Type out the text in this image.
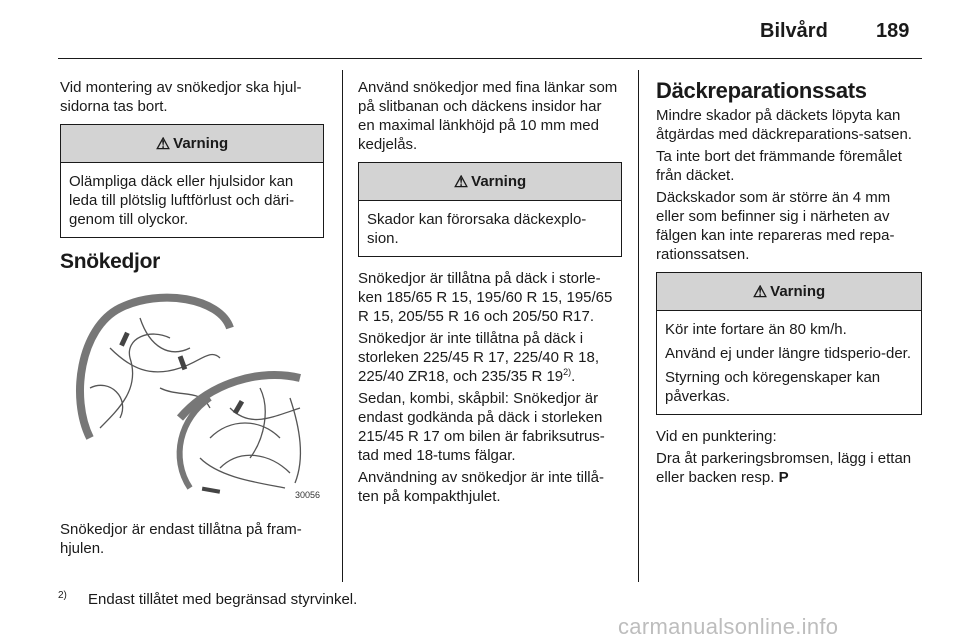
Bilvård 189

Vid montering av snökedjor ska hjul-sidorna tas bort.

⚠ Varning

Olämpliga däck eller hjulsidor kan leda till plötslig luftförlust och däri-genom till olyckor.

Snökedjor
30056

Snökedjor är endast tillåtna på fram-hjulen.

Använd snökedjor med fina länkar som på slitbanan och däckens insidor har en maximal länkhöjd på 10 mm med kedjelås.

⚠ Varning

Skador kan förorsaka däckexplo-sion.

Snökedjor är tillåtna på däck i storle-ken 185/65 R 15, 195/60 R 15, 195/65 R 15, 205/55 R 16 och 205/50 R17.

Snökedjor är inte tillåtna på däck i storleken 225/45 R 17, 225/40 R 18, 225/40 ZR18, och 235/35 R 19$^{2)}$.

Sedan, kombi, skåpbil: Snökedjor är endast godkända på däck i storleken 215/45 R 17 om bilen är fabriksutrus-tad med 18-tums fälgar.

Användning av snökedjor är inte tillå-ten på kompakthjulet.

Däckreparationssats

Mindre skador på däckets löpyta kan åtgärdas med däckreparations-satsen.

Ta inte bort det främmande föremålet från däcket.

Däckskador som är större än 4 mm eller som befinner sig i närheten av fälgen kan inte repareras med repa-rationssatsen.

⚠ Varning

Kör inte fortare än 80 km/h.

Använd ej under längre tidsperio-der.

Styrning och köregenskaper kan påverkas.

Vid en punktering:

Dra åt parkeringsbromsen, lägg i ettan eller backen resp. P

2) Endast tillåtet med begränsad styrvinkel.
carmanualsonline.info
